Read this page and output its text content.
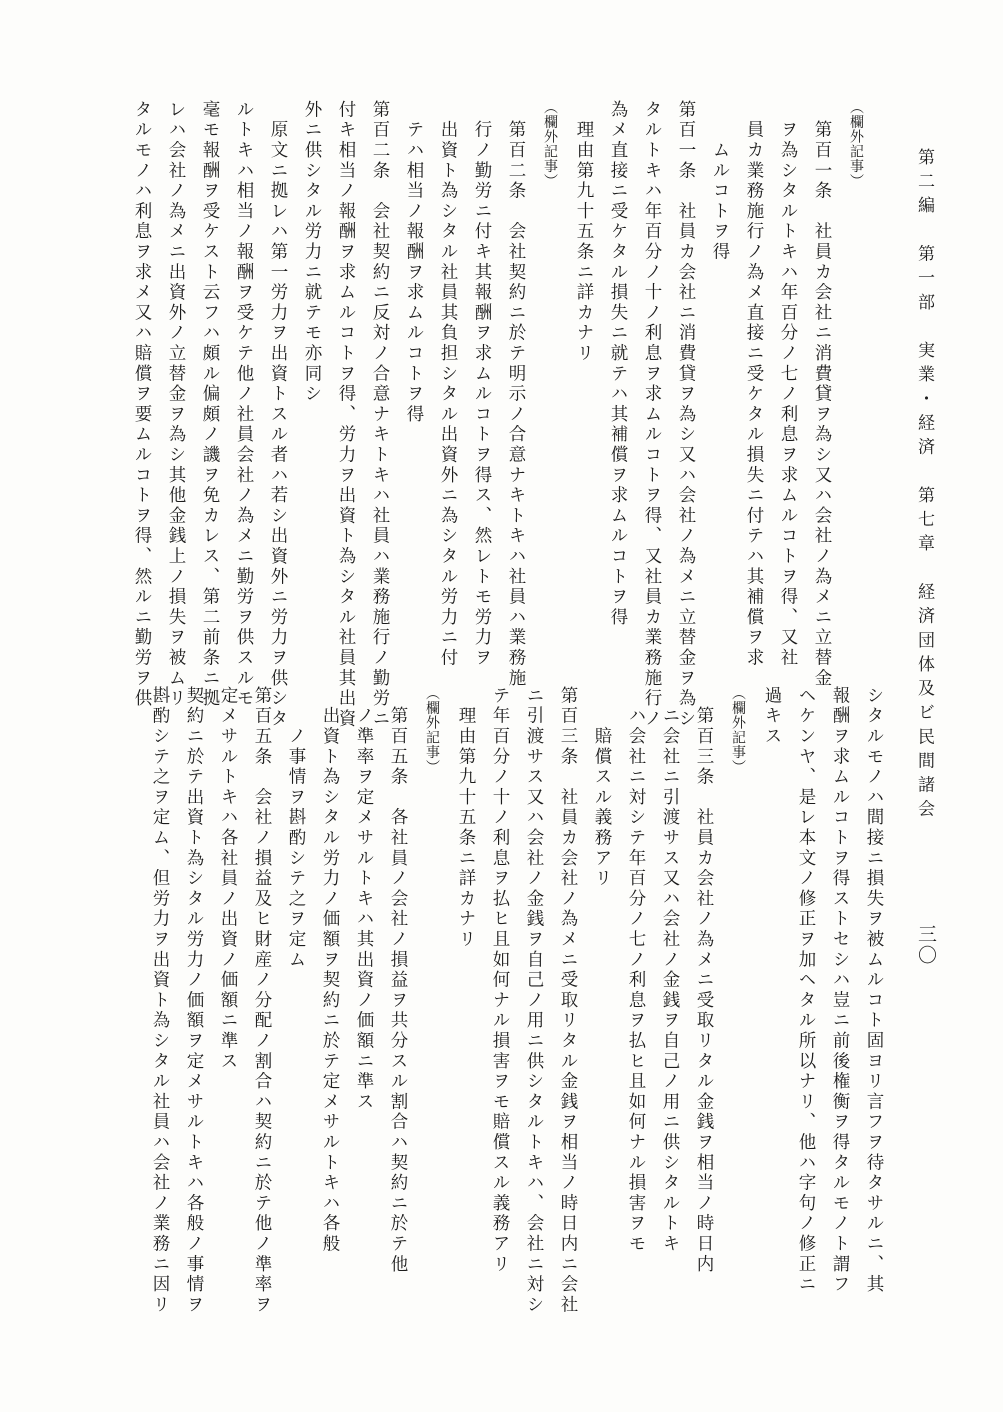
第二編　第一部　実業・経済　第七章　経済団体及ビ民間諸会
三〇
（欄外記事）
　第百一条　社員カ会社ニ消費貸ヲ為シ又ハ会社ノ為メニ立替金
　ヲ為シタルトキハ年百分ノ七ノ利息ヲ求ムルコトヲ得、又社
　員カ業務施行ノ為メ直接ニ受ケタル損失ニ付テハ其補償ヲ求
　　ムルコトヲ得
第百一条　社員カ会社ニ消費貸ヲ為シ又ハ会社ノ為メニ立替金ヲ為シ
タルトキハ年百分ノ十ノ利息ヲ求ムルコトヲ得、又社員カ業務施行ノ
為メ直接ニ受ケタル損失ニ就テハ其補償ヲ求ムルコトヲ得
　理由第九十五条ニ詳カナリ
（欄外記事）
　第百二条　会社契約ニ於テ明示ノ合意ナキトキハ社員ハ業務施
　行ノ勤労ニ付キ其報酬ヲ求ムルコトヲ得ス、然レトモ労力ヲ
　出資ト為シタル社員其負担シタル出資外ニ為シタル労力ニ付
　テハ相当ノ報酬ヲ求ムルコトヲ得
第百二条　会社契約ニ反対ノ合意ナキトキハ社員ハ業務施行ノ勤労ニ
付キ相当ノ報酬ヲ求ムルコトヲ得、労力ヲ出資ト為シタル社員其出資
外ニ供シタル労力ニ就テモ亦同シ
　原文ニ拠レハ第一労力ヲ出資トスル者ハ若シ出資外ニ労力ヲ供シタ
ルトキハ相当ノ報酬ヲ受ケテ他ノ社員会社ノ為メニ勤労ヲ供スルモ
毫モ報酬ヲ受ケスト云フハ頗ル偏頗ノ譏ヲ免カレス、第二前条ニ拠
レハ会社ノ為メニ出資外ノ立替金ヲ為シ其他金銭上ノ損失ヲ被ムリ
タルモノハ利息ヲ求メ又ハ賠償ヲ要ムルコトヲ得、然ルニ勤労ヲ供
シタルモノハ間接ニ損失ヲ被ムルコト固ヨリ言フヲ待タサルニ、其
報酬ヲ求ムルコトヲ得ストセシハ豈ニ前後権衡ヲ得タルモノト謂フ
ヘケンヤ、是レ本文ノ修正ヲ加ヘタル所以ナリ、他ハ字句ノ修正ニ
過キス
（欄外記事）
　第百三条　社員カ会社ノ為メニ受取リタル金銭ヲ相当ノ時日内
　ニ会社ニ引渡サス又ハ会社ノ金銭ヲ自己ノ用ニ供シタルトキ
　ハ会社ニ対シテ年百分ノ七ノ利息ヲ払ヒ且如何ナル損害ヲモ
　　賠償スル義務アリ
第百三条　社員カ会社ノ為メニ受取リタル金銭ヲ相当ノ時日内ニ会社
ニ引渡サス又ハ会社ノ金銭ヲ自己ノ用ニ供シタルトキハ、会社ニ対シ
テ年百分ノ十ノ利息ヲ払ヒ且如何ナル損害ヲモ賠償スル義務アリ
　理由第九十五条ニ詳カナリ
（欄外記事）
　第百五条　各社員ノ会社ノ損益ヲ共分スル割合ハ契約ニ於テ他
　ノ準率ヲ定メサルトキハ其出資ノ価額ニ準ス
　出資ト為シタル労力ノ価額ヲ契約ニ於テ定メサルトキハ各般
　　ノ事情ヲ斟酌シテ之ヲ定ム
第百五条　会社ノ損益及ヒ財産ノ分配ノ割合ハ契約ニ於テ他ノ準率ヲ
定メサルトキハ各社員ノ出資ノ価額ニ準ス
契約ニ於テ出資ト為シタル労力ノ価額ヲ定メサルトキハ各般ノ事情ヲ
斟酌シテ之ヲ定ム、但労力ヲ出資ト為シタル社員ハ会社ノ業務ニ因リ
